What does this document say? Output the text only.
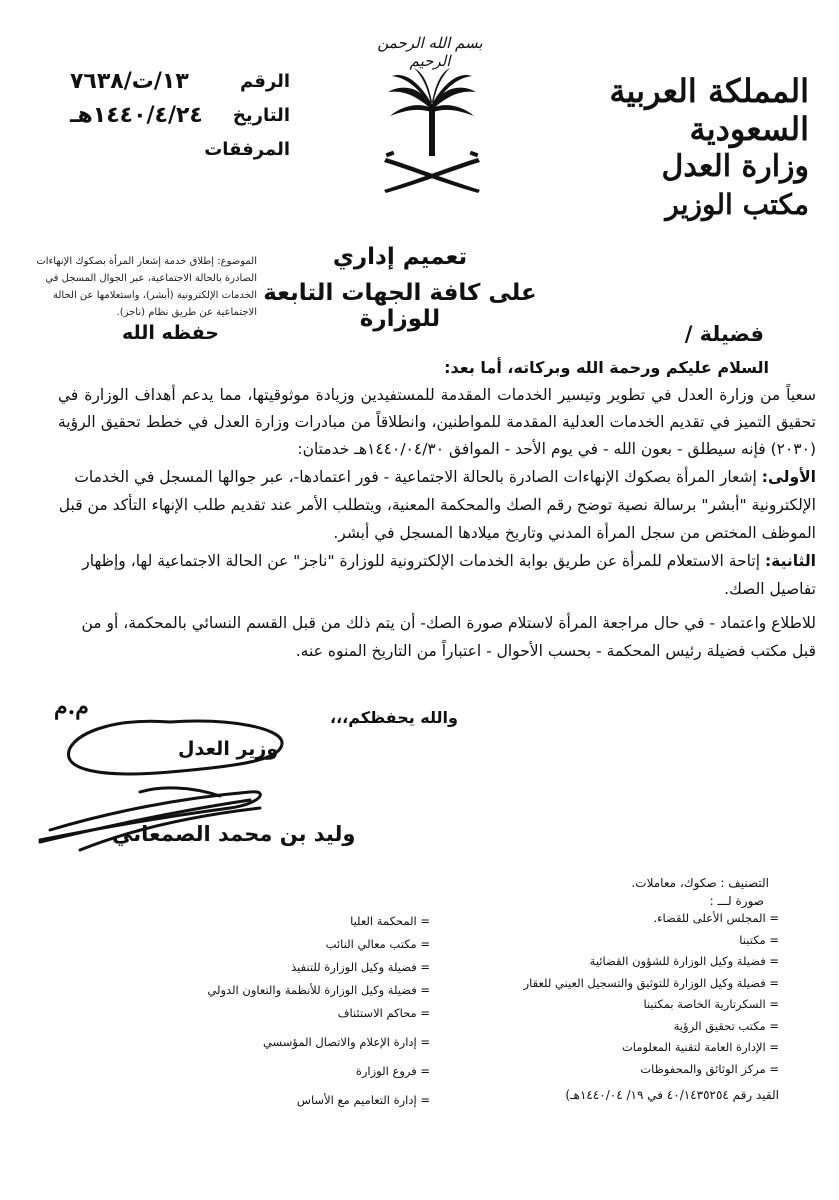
بسم الله الرحمن الرحيم
المملكة العربية السعودية
وزارة العدل
مكتب الوزير
الرقم
١٣/ت/٧٦٣٨
التاريخ
١٤٤٠/٤/٢٤هـ
المرفقات
الموضوع: إطلاق خدمة إشعار المرأة بصكوك الإنهاءات الصادرة بالحالة الاجتماعية، عبر الجوال المسجل في الخدمات الإلكترونية (أبشر)، واستعلامها عن الحالة الاجتماعية عن طريق نظام (ناجز).
تعميم إداري
على كافة الجهات التابعة للوزارة
فضيلة /
حفظه الله
السلام عليكم ورحمة الله وبركاته، أما بعد:

سعياً من وزارة العدل في تطوير وتيسير الخدمات المقدمة للمستفيدين وزيادة موثوقيتها، مما يدعم أهداف الوزارة في تحقيق التميز في تقديم الخدمات العدلية المقدمة للمواطنين، وانطلاقاً من مبادرات وزارة العدل في خطط تحقيق الرؤية (٢٠٣٠) فإنه سيطلق - بعون الله - في يوم الأحد - الموافق ١٤٤٠/٠٤/٣٠هـ خدمتان:

الأولى: إشعار المرأة بصكوك الإنهاءات الصادرة بالحالة الاجتماعية - فور اعتمادها-، عبر جوالها المسجل في الخدمات الإلكترونية "أبشر" برسالة نصية توضح رقم الصك والمحكمة المعنية، ويتطلب الأمر عند تقديم طلب الإنهاء التأكد من قبل الموظف المختص من سجل المرأة المدني وتاريخ ميلادها المسجل في أبشر.

الثانية: إتاحة الاستعلام للمرأة عن طريق بوابة الخدمات الإلكترونية للوزارة "ناجز" عن الحالة الاجتماعية لها، وإظهار تفاصيل الصك.

للاطلاع واعتماد - في حال مراجعة المرأة لاستلام صورة الصك- أن يتم ذلك من قبل القسم النسائي بالمحكمة، أو من قبل مكتب فضيلة رئيس المحكمة - بحسب الأحوال - اعتباراً من التاريخ المنوه عنه.

والله يحفظكم،،،
م.م
وزير العدل
وليد بن محمد الصمعاني
التصنيف : صكوك، معاملات.
صورة لـــ :
= المجلس الأعلى للقضاء.
= مكتبنا
= فضيلة وكيل الوزارة للشؤون القضائية
= فضيلة وكيل الوزارة للتوثيق والتسجيل العيني للعقار
= السكرتارية الخاصة بمكتبنا
= مكتب تحقيق الرؤية
= الإدارة العامة لتقنية المعلومات
= مركز الوثائق والمحفوظات
= المحكمة العليا
= مكتب معالي النائب
= فضيلة وكيل الوزارة للتنفيذ
= فضيلة وكيل الوزارة للأنظمة والتعاون الدولي
= محاكم الاستئناف
= إدارة الإعلام والاتصال المؤسسي
= فروع الوزارة
= إدارة التعاميم مع الأساس	القيد رقم ٤٠/١٤٣٥٢٥٤ في ١٩/ ١٤٤٠/٠٤هـ)
